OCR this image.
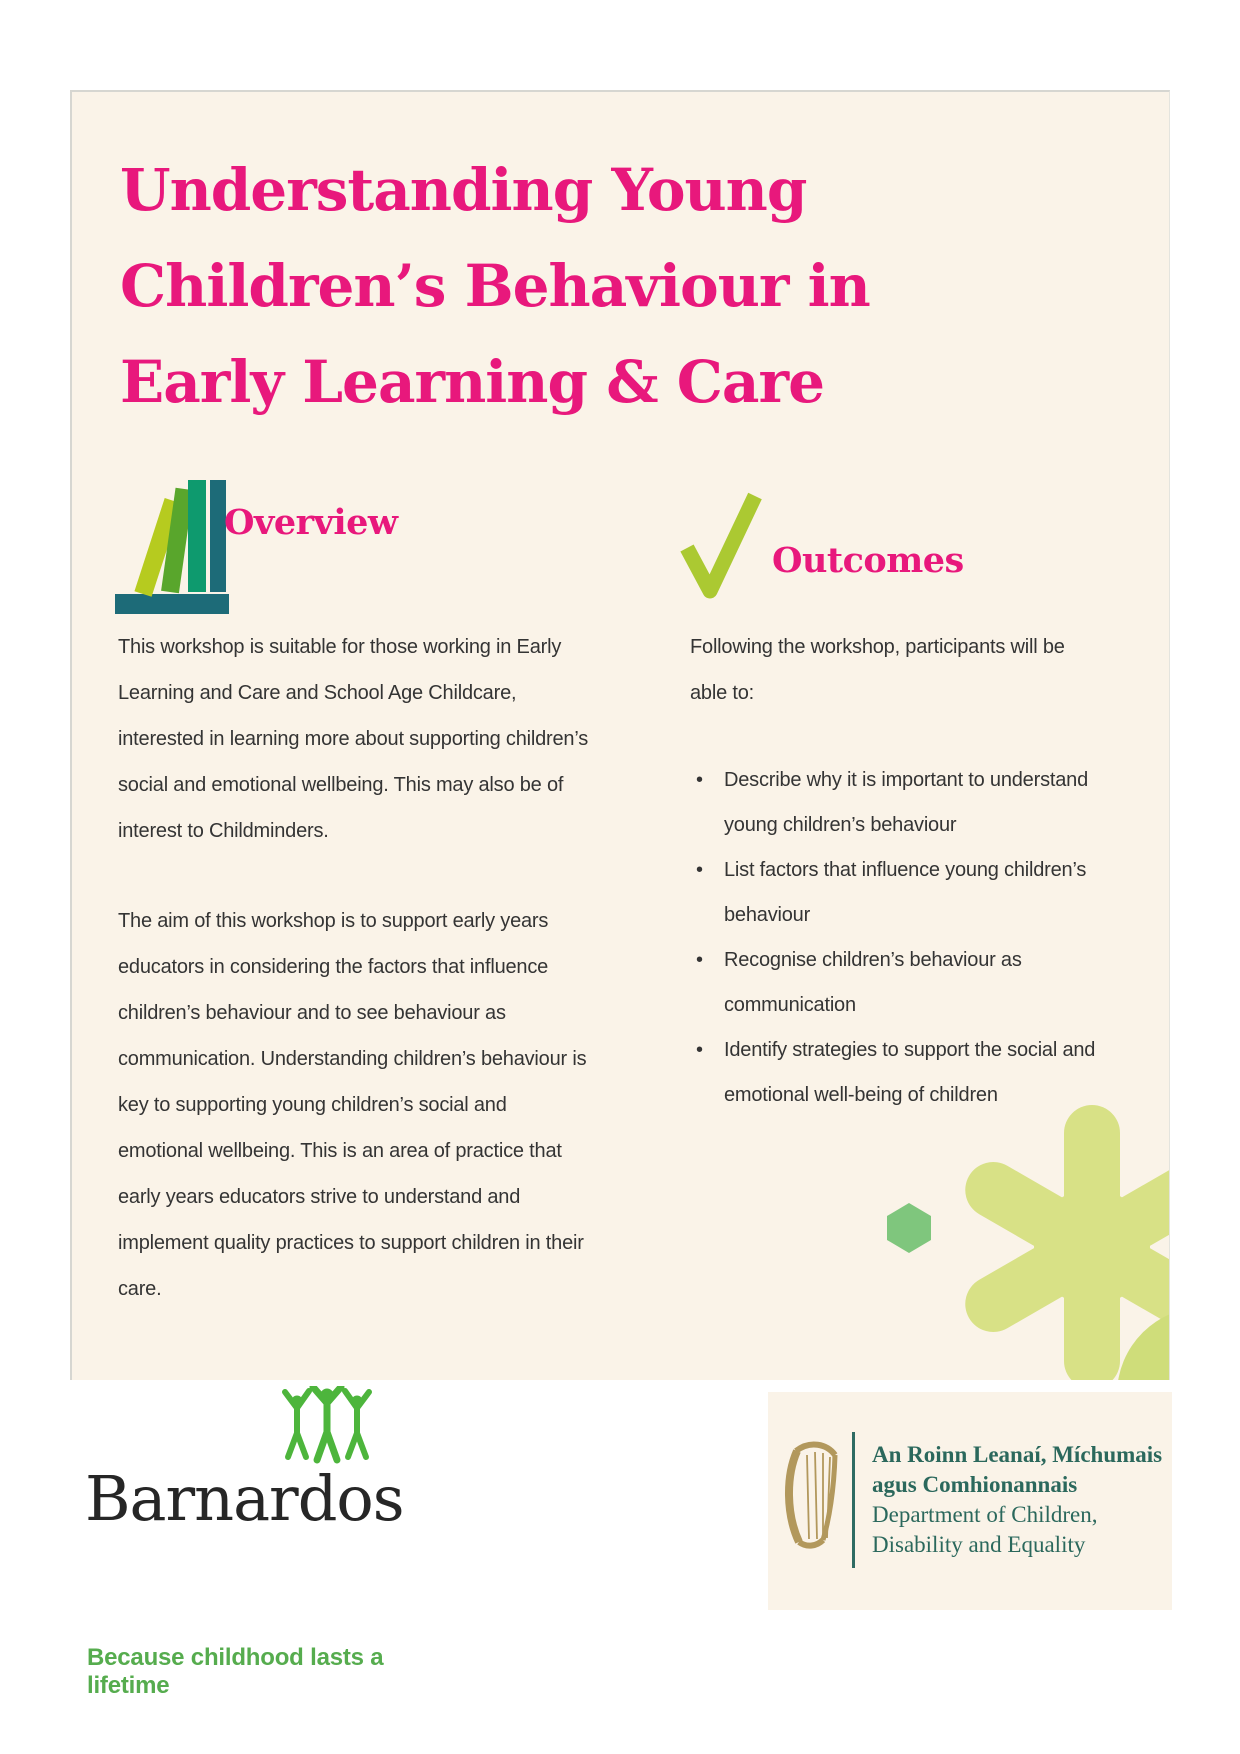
Understanding Young
Children’s Behaviour in
Early Learning & Care
Overview

This workshop is suitable for those working in Early Learning and Care and School Age Childcare, interested in learning more about supporting children’s social and emotional wellbeing. This may also be of interest to Childminders.

The aim of this workshop is to support early years educators in considering the factors that influence children’s behaviour and to see behaviour as communication. Understanding children’s behaviour is key to supporting young children’s social and emotional wellbeing. This is an area of practice that early years educators strive to understand and implement quality practices to support children in their care.

Outcomes
Following the workshop, participants will be able to:
• Describe why it is important to understand young children’s behaviour
• List factors that influence young children’s behaviour
• Recognise children’s behaviour as communication
• Identify strategies to support the social and emotional well-being of children
Barnardos
Because childhood lasts a lifetime
An Roinn Leanaí, Míchumais
agus Comhionannais
Department of Children,
Disability and Equality
